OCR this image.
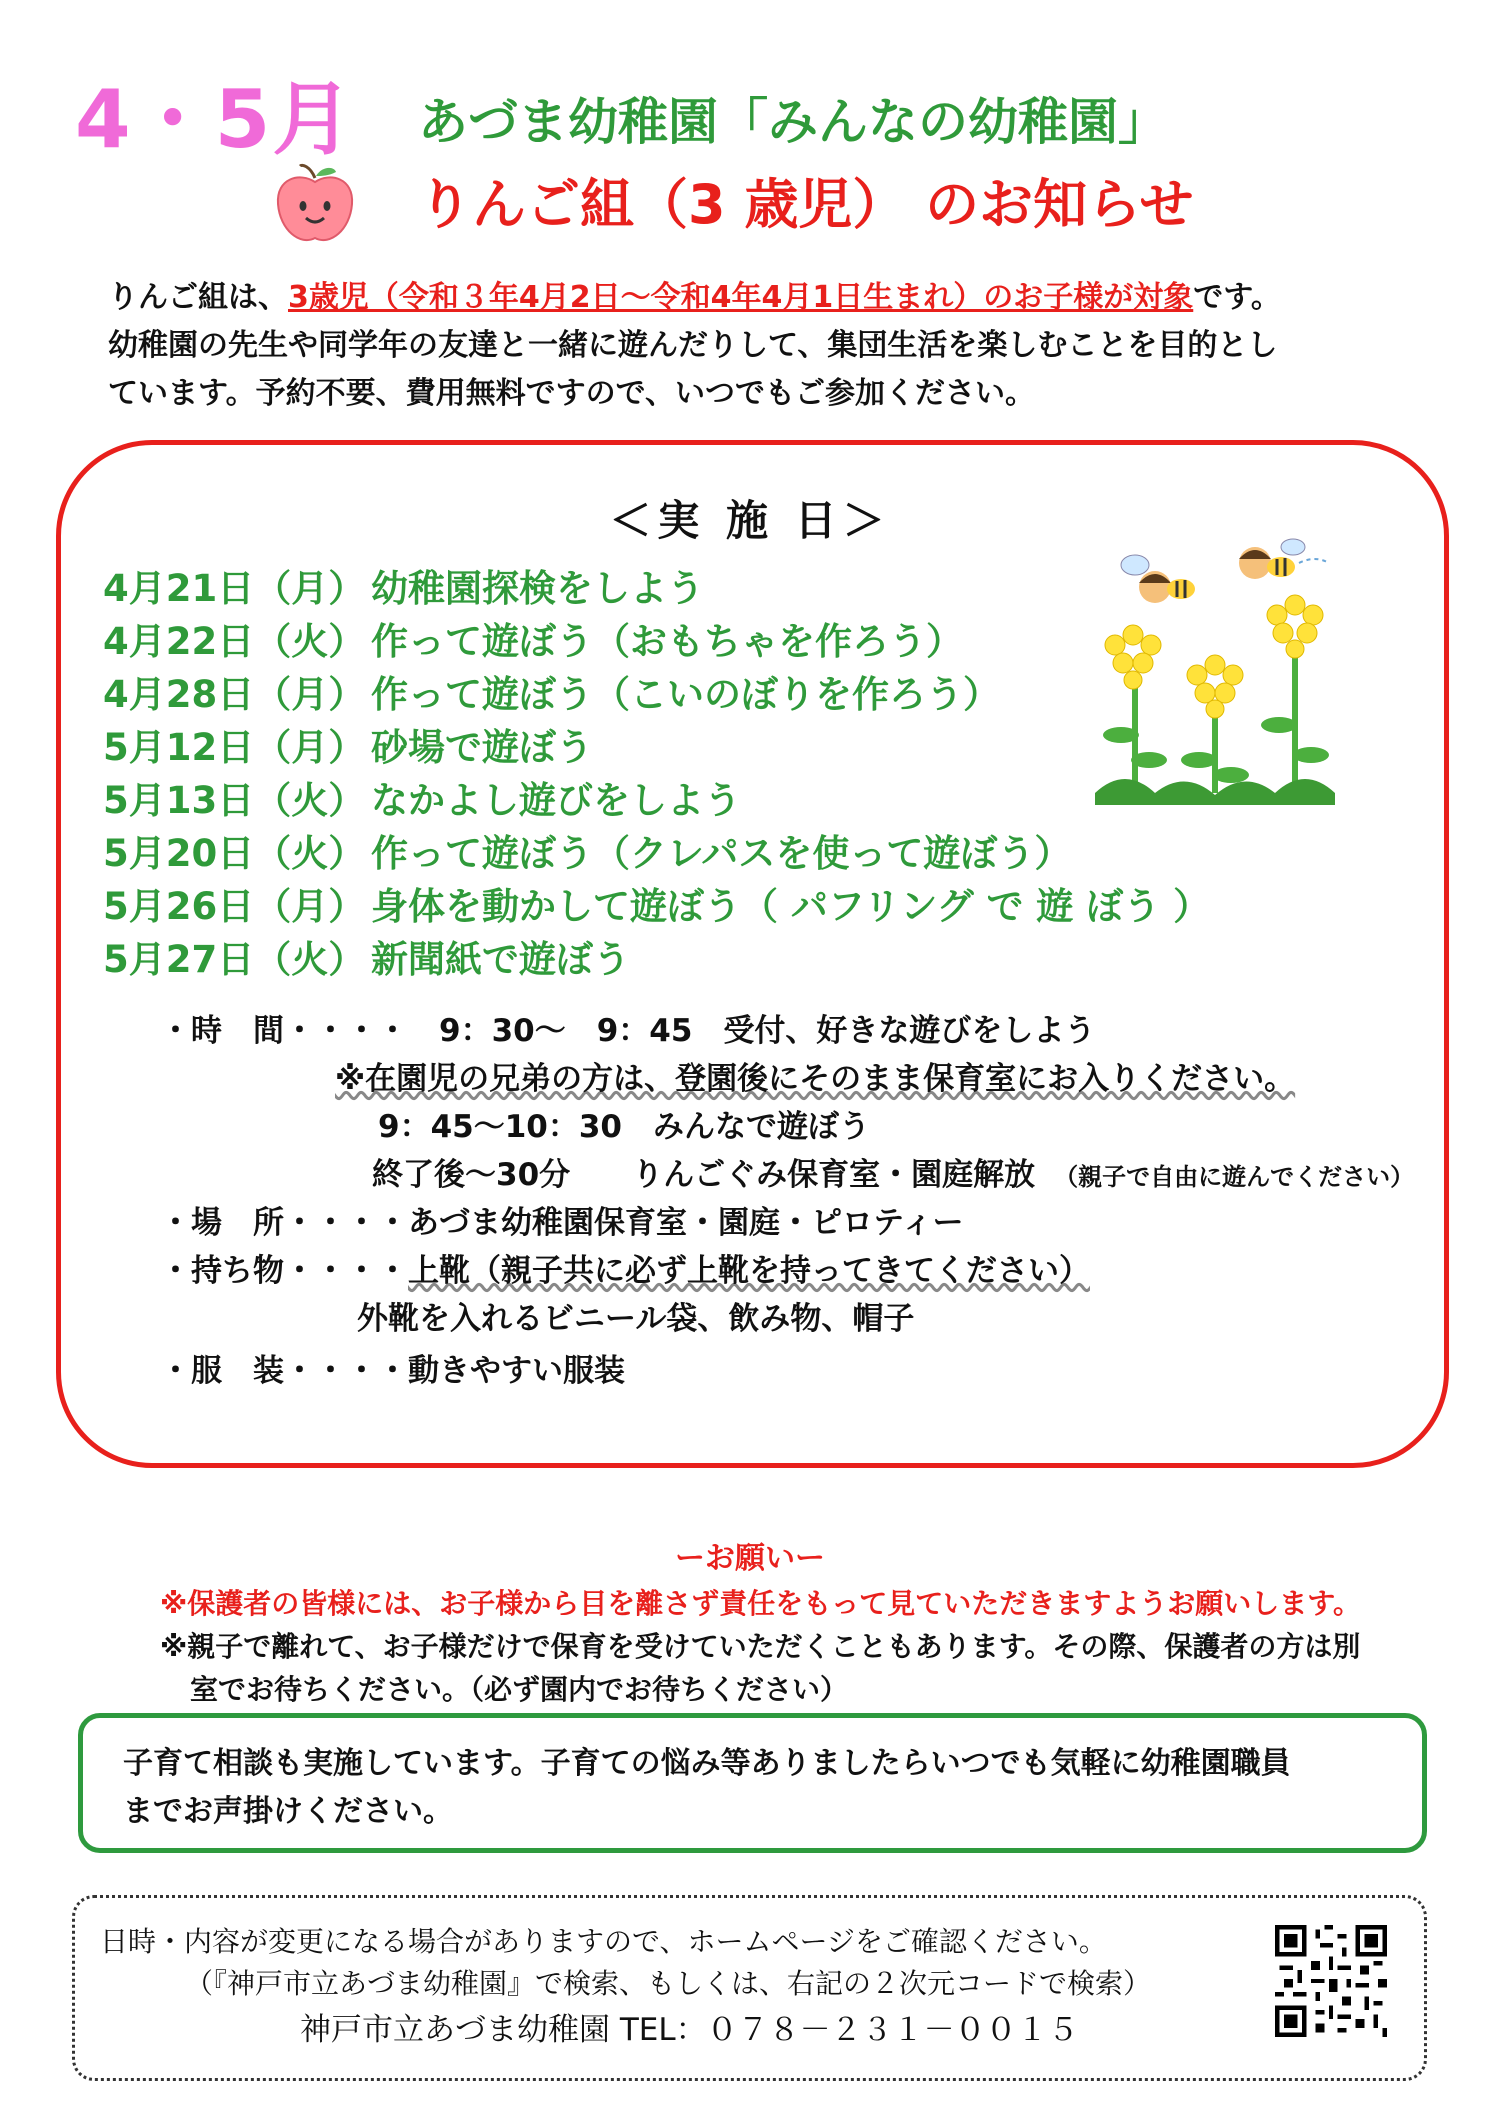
4・5月 あづま幼稚園「みんなの幼稚園」
りんご組（3 歳児） のお知らせ
りんご組は、3歳児（令和３年4月2日～令和4年4月1日生まれ）のお子様が対象です。
幼稚園の先生や同学年の友達と一緒に遊んだりして、集団生活を楽しむことを目的とし
ています。予約不要、費用無料ですので、いつでもご参加ください。
＜実 施 日＞
4月21日（月） 幼稚園探検をしよう
4月22日（火） 作って遊ぼう（おもちゃを作ろう）
4月28日（月） 作って遊ぼう（こいのぼりを作ろう）
5月12日（月） 砂場で遊ぼう
5月13日（火） なかよし遊びをしよう
5月20日（火） 作って遊ぼう（クレパスを使って遊ぼう）
5月26日（月） 身体を動かして遊ぼう（ パフリング で 遊 ぼう ）
5月27日（火） 新聞紙で遊ぼう
・時　間・・・・　 9：30～　9：45　受付、好きな遊びをしよう
※在園児の兄弟の方は、登園後にそのまま保育室にお入りください。
9：45～10：30　みんなで遊ぼう
終了後～30分　　りんごぐみ保育室・園庭解放　 （親子で自由に遊んでください）
・場　所・・・・あづま幼稚園保育室・園庭・ピロティー
・持ち物・・・・上靴（親子共に必ず上靴を持ってきてください）
外靴を入れるビニール袋、飲み物、帽子
・服　装・・・・動きやすい服装
ーお願いー
※保護者の皆様には、お子様から目を離さず責任をもって見ていただきますようお願いします。
※親子で離れて、お子様だけで保育を受けていただくこともあります。その際、保護者の方は別
室でお待ちください。（必ず園内でお待ちください）
子育て相談も実施しています。子育ての悩み等ありましたらいつでも気軽に幼稚園職員
までお声掛けください。
日時・内容が変更になる場合がありますので、ホームページをご確認ください。
（『神戸市立あづま幼稚園』で検索、もしくは、右記の２次元コードで検索）
神戸市立あづま幼稚園 TEL：０７８－２３１－００１５
